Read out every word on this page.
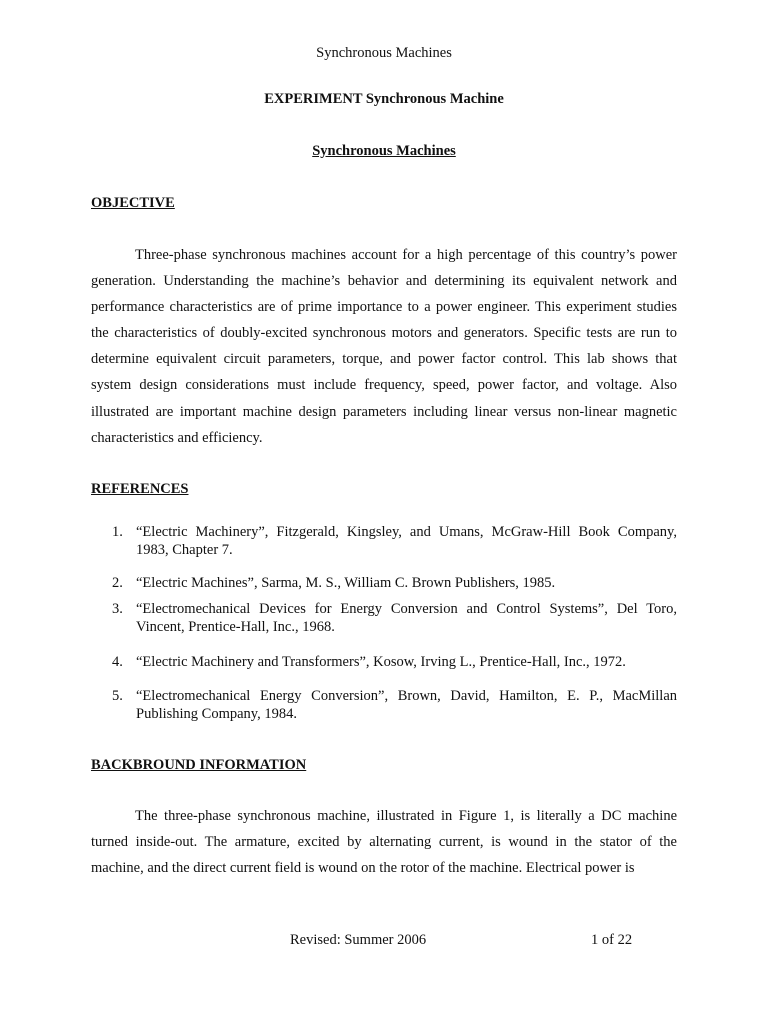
Synchronous Machines
EXPERIMENT Synchronous Machine
Synchronous Machines
OBJECTIVE

Three-phase synchronous machines account for a high percentage of this country’s power generation. Understanding the machine’s behavior and determining its equivalent network and performance characteristics are of prime importance to a power engineer. This experiment studies the characteristics of doubly-excited synchronous motors and generators. Specific tests are run to determine equivalent circuit parameters, torque, and power factor control. This lab shows that system design considerations must include frequency, speed, power factor, and voltage. Also illustrated are important machine design parameters including linear versus non-linear magnetic characteristics and efficiency.

REFERENCES
1. “Electric Machinery”, Fitzgerald, Kingsley, and Umans, McGraw-Hill Book Company, 1983, Chapter 7.
2. “Electric Machines”, Sarma, M. S., William C. Brown Publishers, 1985.
3. “Electromechanical Devices for Energy Conversion and Control Systems”, Del Toro, Vincent, Prentice-Hall, Inc., 1968.
4. “Electric Machinery and Transformers”, Kosow, Irving L., Prentice-Hall, Inc., 1972.
5. “Electromechanical Energy Conversion”, Brown, David, Hamilton, E. P., MacMillan Publishing Company, 1984.
BACKBROUND INFORMATION

The three-phase synchronous machine, illustrated in Figure 1, is literally a DC machine turned inside-out. The armature, excited by alternating current, is wound in the stator of the machine, and the direct current field is wound on the rotor of the machine. Electrical power is

Revised: Summer 2006	1 of 22
